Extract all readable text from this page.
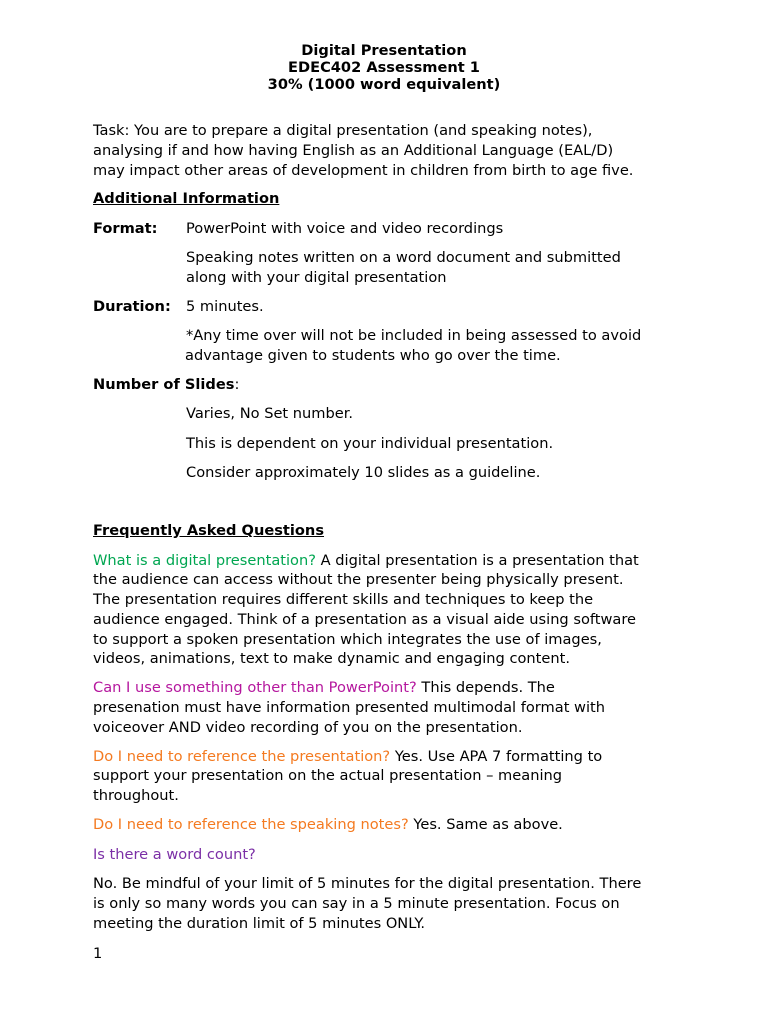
Digital Presentation
EDEC402 Assessment 1
30% (1000 word equivalent)
Task: You are to prepare a digital presentation (and speaking notes),
analysing if and how having English as an Additional Language (EAL/D)
may impact other areas of development in children from birth to age five.
Additional Information
Format: PowerPoint with voice and video recordings
Speaking notes written on a word document and submitted
along with your digital presentation
Duration: 5 minutes.
*Any time over will not be included in being assessed to avoid
advantage given to students who go over the time.
Number of Slides:
Varies, No Set number.
This is dependent on your individual presentation.
Consider approximately 10 slides as a guideline.
Frequently Asked Questions
What is a digital presentation? A digital presentation is a presentation that
the audience can access without the presenter being physically present.
The presentation requires different skills and techniques to keep the
audience engaged. Think of a presentation as a visual aide using software
to support a spoken presentation which integrates the use of images,
videos, animations, text to make dynamic and engaging content.
Can I use something other than PowerPoint? This depends. The
presenation must have information presented multimodal format with
voiceover AND video recording of you on the presentation.
Do I need to reference the presentation? Yes. Use APA 7 formatting to
support your presentation on the actual presentation – meaning
throughout.
Do I need to reference the speaking notes? Yes. Same as above.
Is there a word count?
No. Be mindful of your limit of 5 minutes for the digital presentation. There
is only so many words you can say in a 5 minute presentation. Focus on
meeting the duration limit of 5 minutes ONLY.
1
